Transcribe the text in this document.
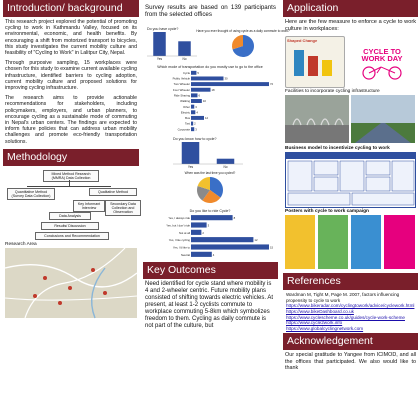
Introduction/ background

This research project explored the potential of promoting cycling to work in Kathmandu Valley, focused on its environmental, economic, and health benefits. By encouraging a shift from motorized transport to bicycles, this study investigates the current mobility culture and feasibility of "Cycling to Work" in Lalitpur City, Nepal.

Through purposive sampling, 15 workplaces were chosen for this study to examine current available cycling infrastructure, identified barriers to cycling adoption, current mobility culture and proposed solutions for improving cycling infrastructure.

The research aims to provide actionable recommendations for stakeholders, including policymakers, employers, and urban planners, to encourage cycling as a sustainable mode of commuting in Nepal's urban centers. The findings are expected to inform future policies that can address urban mobility challenges and promote eco-friendly transportation solutions.

Methodology
Mixed Method Research (MMRA) Data Collection
Quantitative Method (Survey Data Collection)
Qualitative Method
Key Informant Interview
Secondary Data Collection and Observation
Data Analysis
Results/ Discussion
Conclusions and Recommendation
Research Area

Survey results are based on 139 participants from the selected offices

Do you have cycle?
Yes	No
Have you ever thought of using cycle as a daily commute to work?
Which mode of transportation do you mostly use to go to the office
Cycle	5
Public Vehicle	30
Two Wheeler	72
Four Wheeler	18
Ride Sharing	6
Walking	10
Other 3
Electric 4
Bus	12
Taxi 2
Corporate 3
Do you know how to cycle?
Yes	No
When was the last time you cycled?
Do you like to ride Cycle?
Yes, I always ride	8
Yes, but I don't ride	3
Not at all	2
Yes, I like cycling	12
Yes, I'd like to	15
Neutral	4
Key Outcomes

Need identified for cycle stand where mobility is 4 and 2-wheeler centric. Future mobility plans consisted of shifting towards electric vehicles. At present, at least 1-2 cyclists commute to workplace commuting 5-8km which symbolizes freedom to them. Cycling as daily commute is not part of the culture, but

Application

Here are the few measure to enforce a cycle to work culture in workplaces:

Shaped Change
CYCLE TO
WORK DAY
Facilities to incorporate cycling infrastructure
Business model to incentivize cycling to work
Posters with cycle to work campaign
References
Wardman M, Tight M, Page M. 2007, factors influencing propensity to cycle to work
https://www.bikeradar.com/cyclingtowork/advice/cyclework.html
https://www.bikeDashboard.co.uk
https://www.cyclescheme.co.uk/guides/cycle-work-scheme
https://www.cycle2work.info
https://www.globalcyclingnetwork.com
Acknowledgement

Our special gratitude to Yangee from ICIMOD, and all the offices that participated. We also would like to thank
